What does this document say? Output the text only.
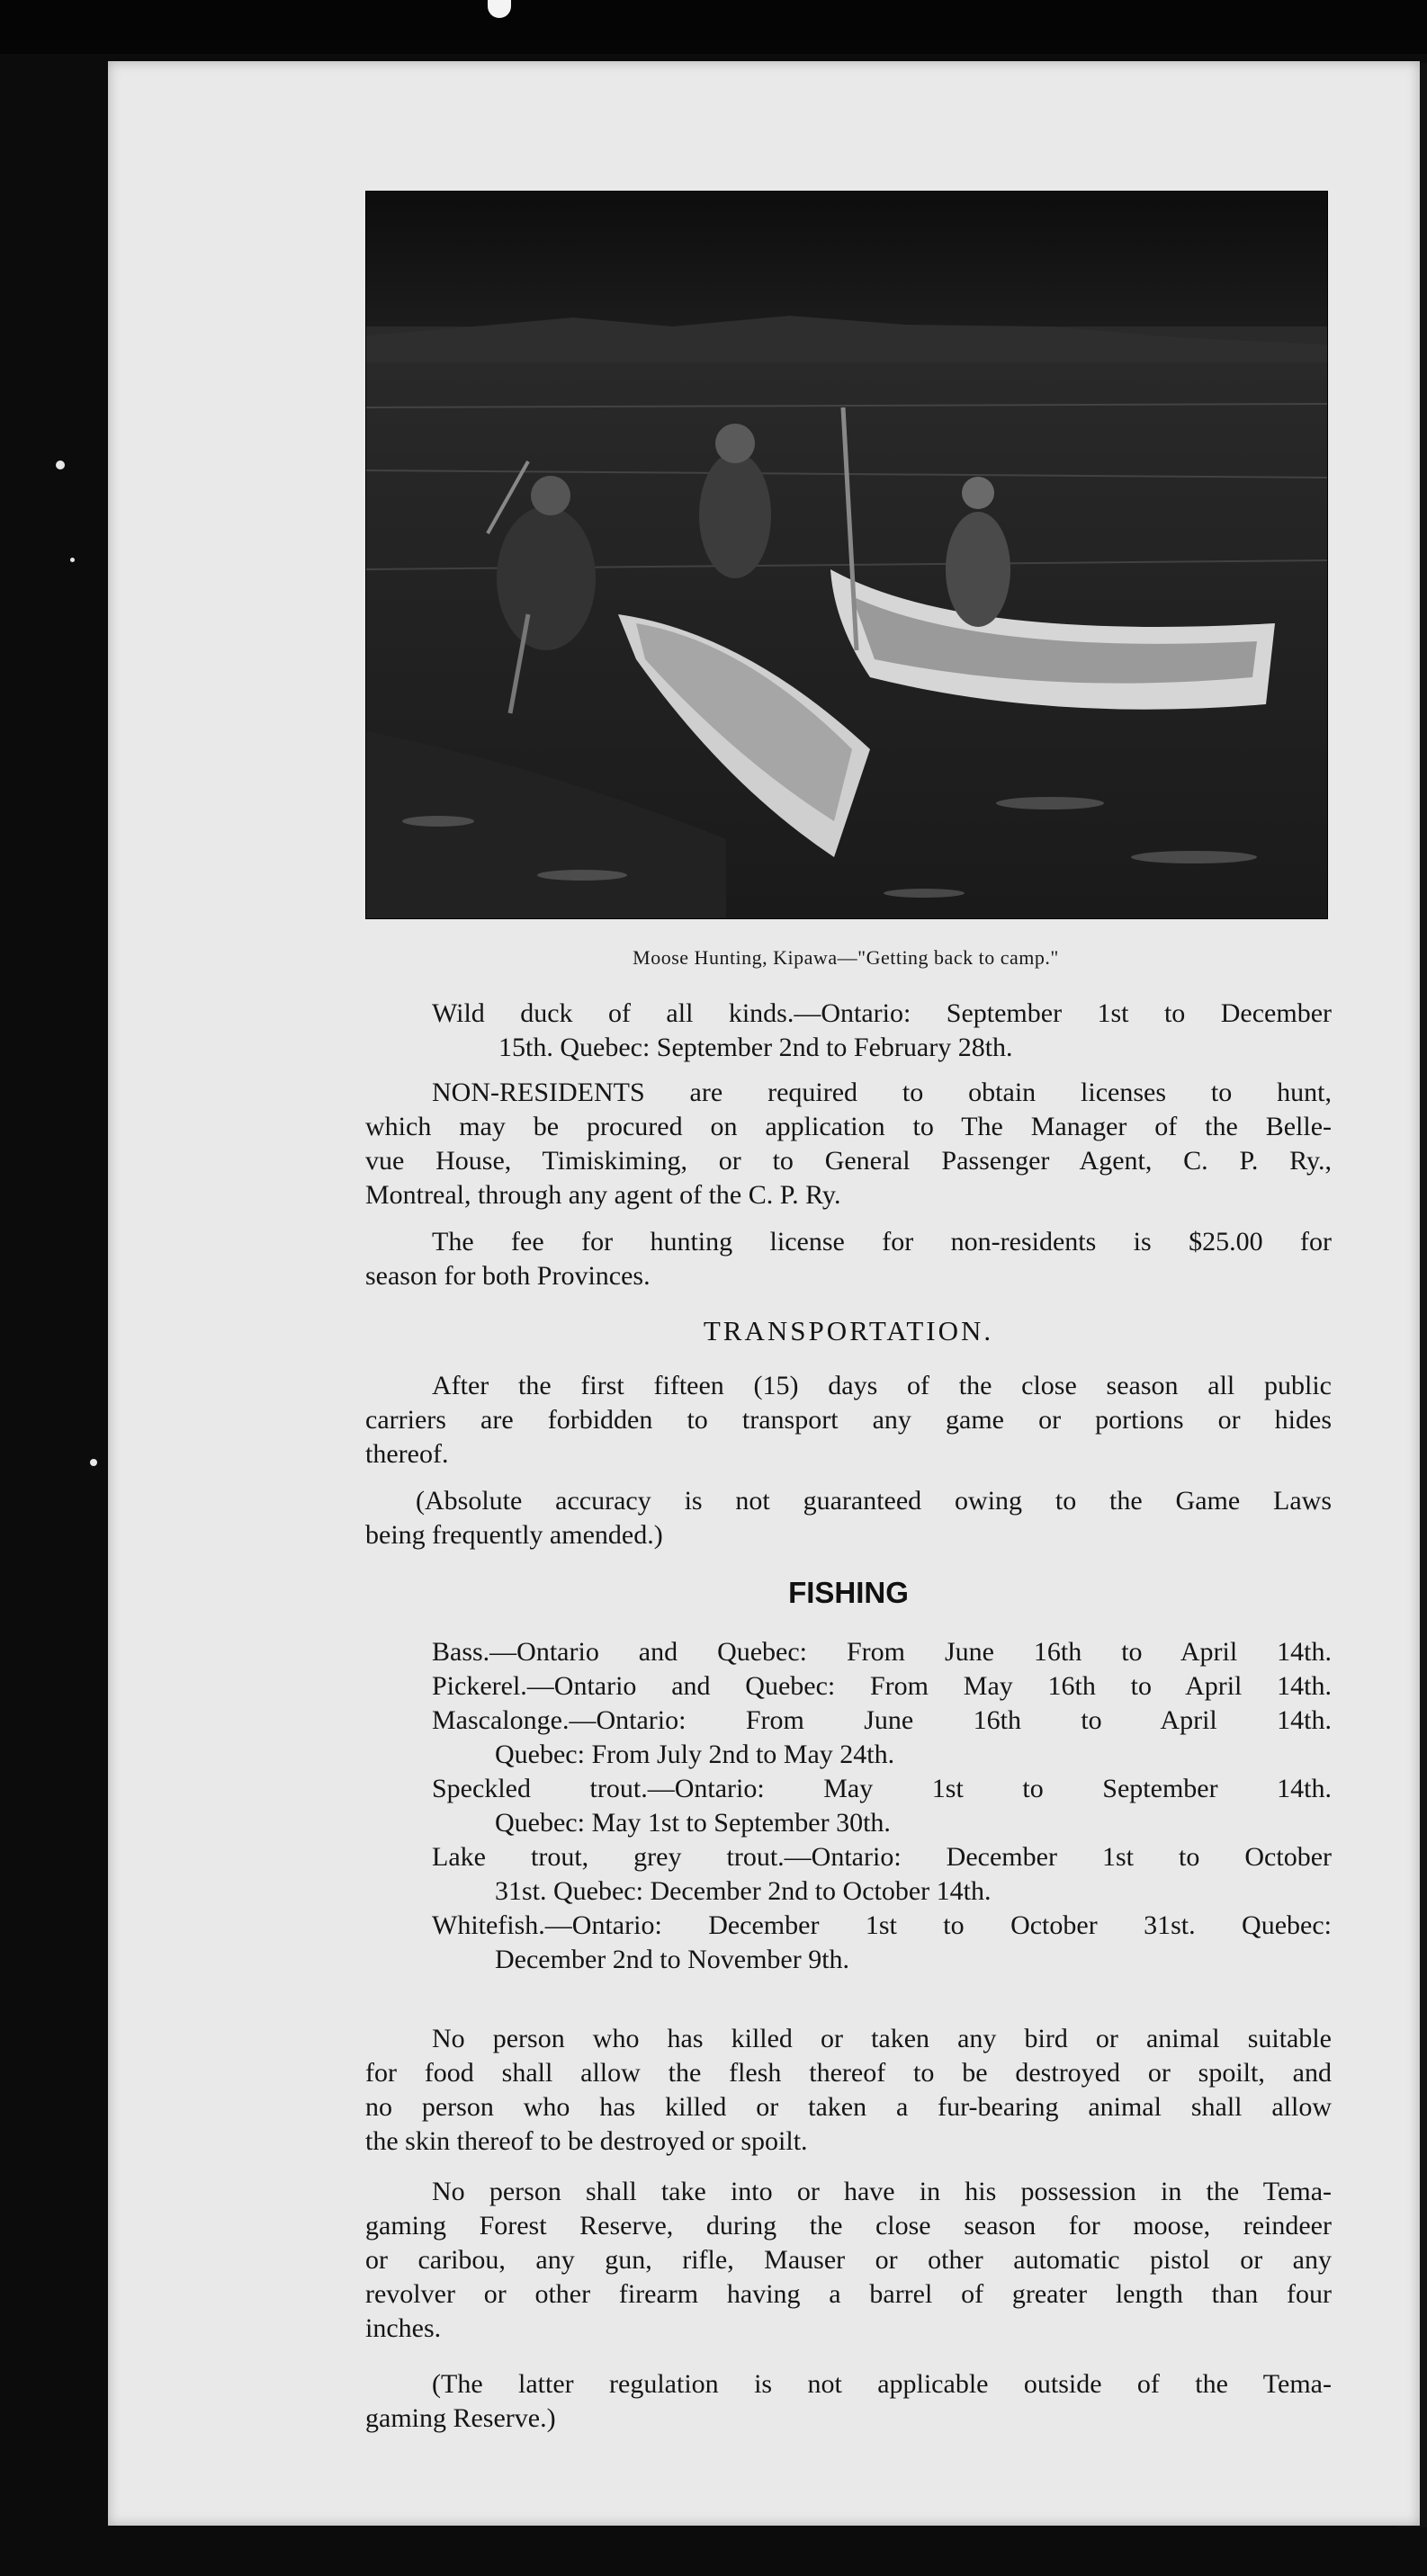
Moose Hunting, Kipawa—"Getting back to camp."
Wild duck of all kinds.—Ontario: September 1st to December
15th. Quebec: September 2nd to February 28th.
NON-RESIDENTS are required to obtain licenses to hunt,
which may be procured on application to The Manager of the Belle-
vue House, Timiskiming, or to General Passenger Agent, C. P. Ry.,
Montreal, through any agent of the C. P. Ry.
The fee for hunting license for non-residents is $25.00 for
season for both Provinces.
TRANSPORTATION.
After the first fifteen (15) days of the close season all public
carriers are forbidden to transport any game or portions or hides
thereof.
(Absolute accuracy is not guaranteed owing to the Game Laws
being frequently amended.)
FISHING
Bass.—Ontario and Quebec: From June 16th to April 14th.
Pickerel.—Ontario and Quebec: From May 16th to April 14th.
Mascalonge.—Ontario: From June 16th to April 14th.
Quebec: From July 2nd to May 24th.
Speckled trout.—Ontario: May 1st to September 14th.
Quebec: May 1st to September 30th.
Lake trout, grey trout.—Ontario: December 1st to October
31st. Quebec: December 2nd to October 14th.
Whitefish.—Ontario: December 1st to October 31st. Quebec:
December 2nd to November 9th.
No person who has killed or taken any bird or animal suitable
for food shall allow the flesh thereof to be destroyed or spoilt, and
no person who has killed or taken a fur-bearing animal shall allow
the skin thereof to be destroyed or spoilt.
No person shall take into or have in his possession in the Tema-
gaming Forest Reserve, during the close season for moose, reindeer
or caribou, any gun, rifle, Mauser or other automatic pistol or any
revolver or other firearm having a barrel of greater length than four
inches.
(The latter regulation is not applicable outside of the Tema-
gaming Reserve.)
